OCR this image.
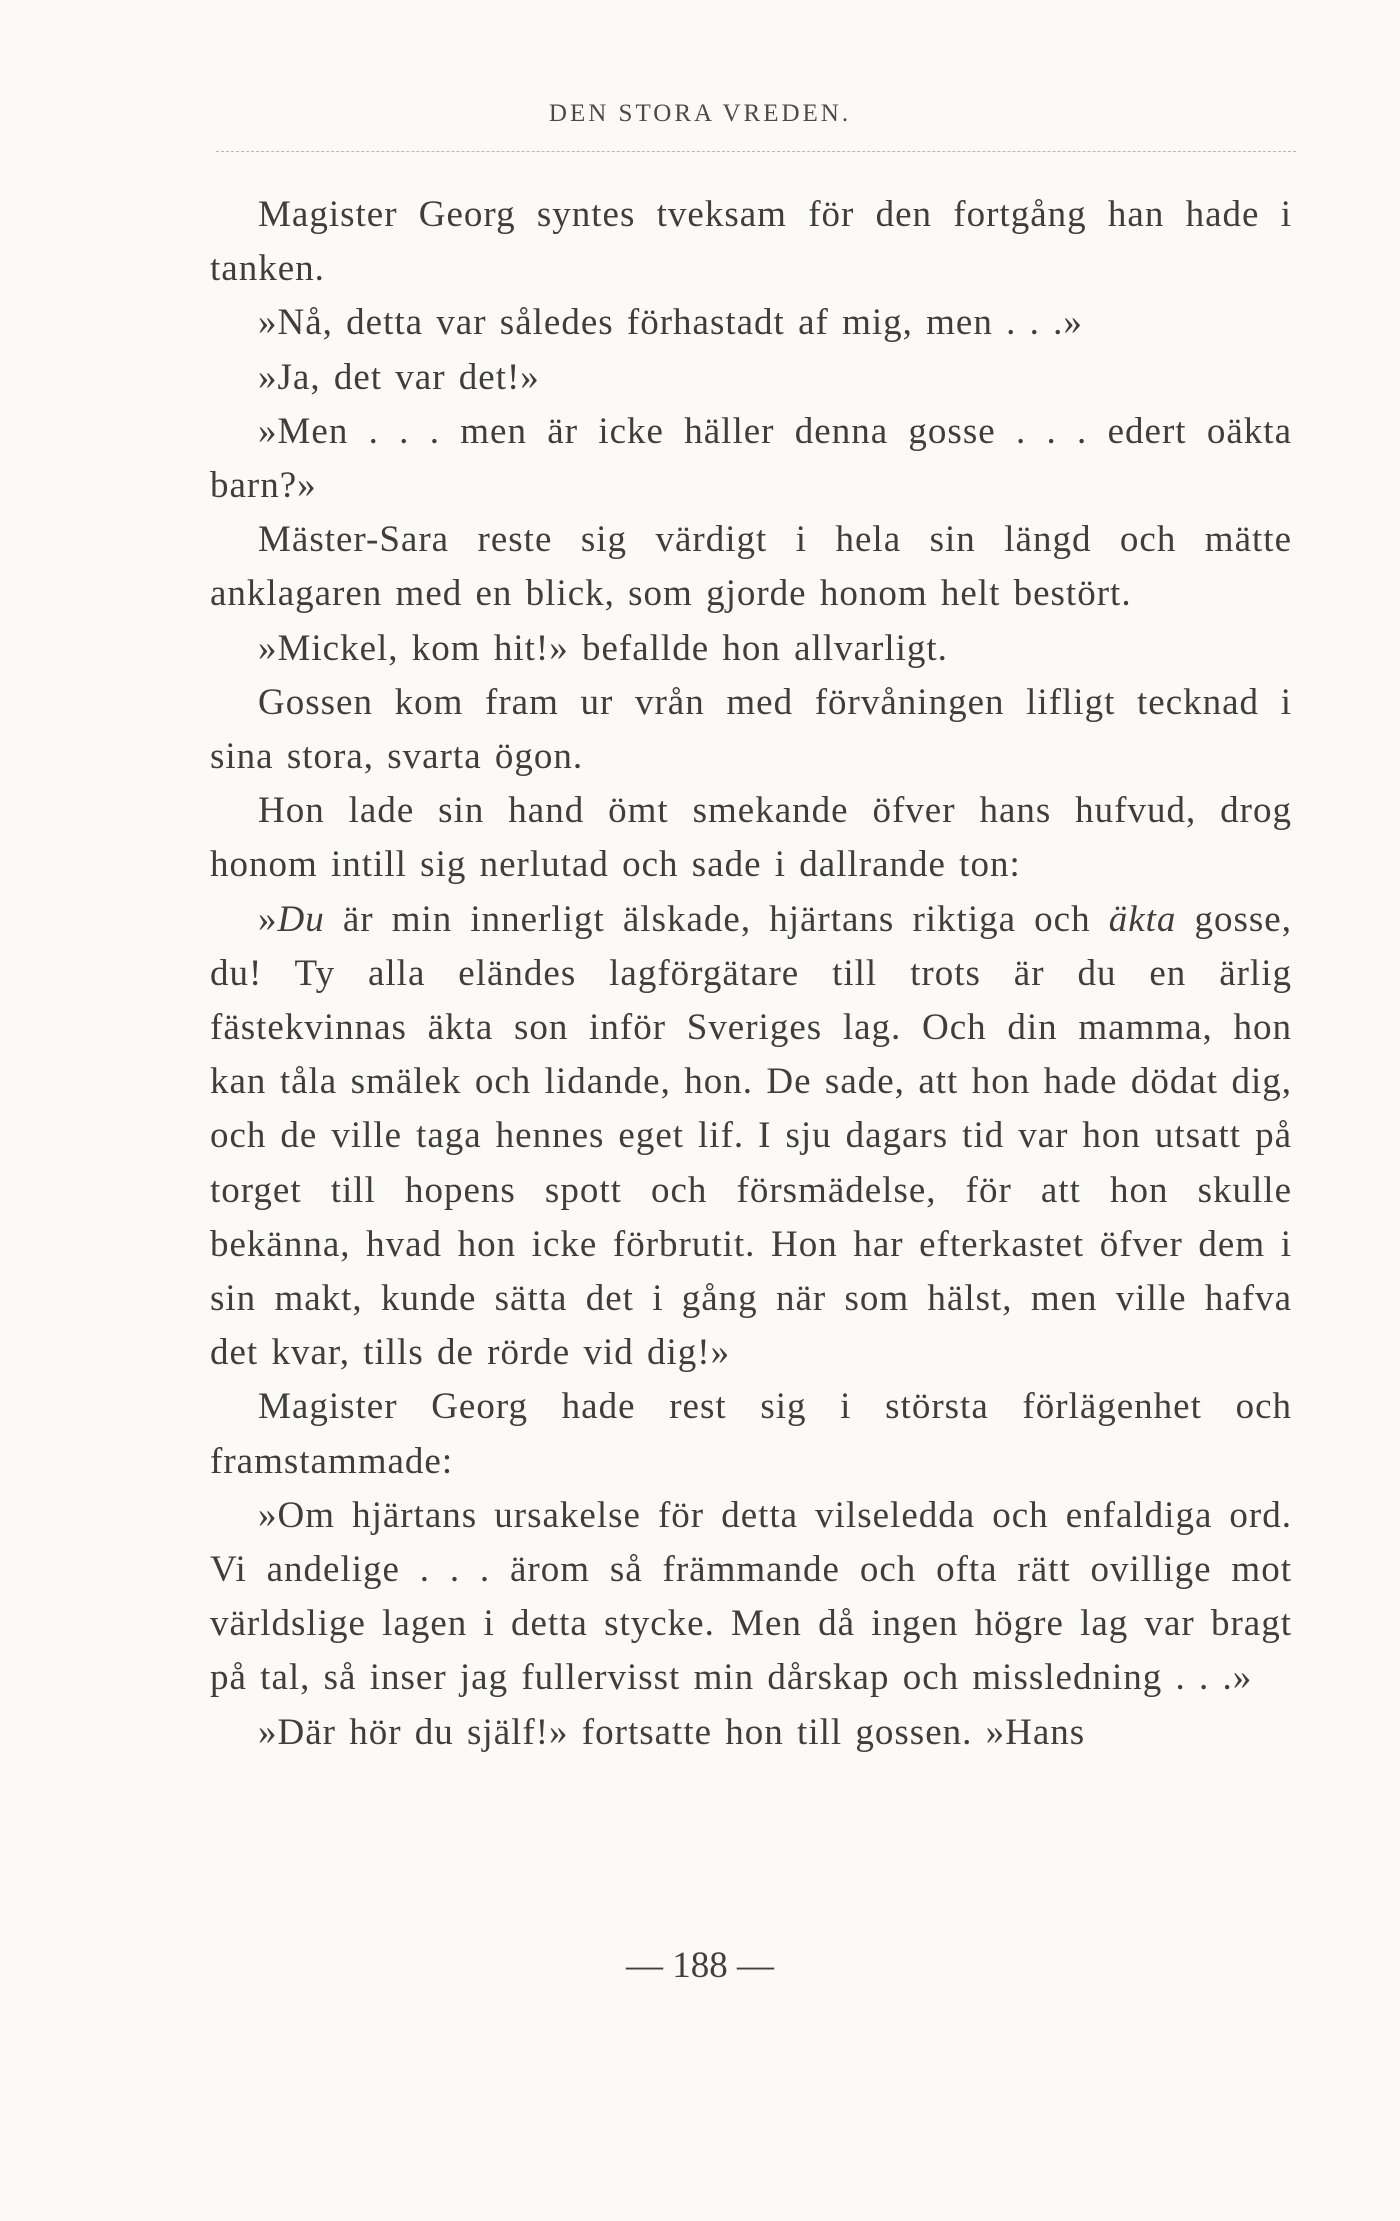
DEN STORA VREDEN.

Magister Georg syntes tveksam för den fortgång han hade i tanken.

»Nå, detta var således förhastadt af mig, men . . .»

»Ja, det var det!»

»Men . . . men är icke häller denna gosse . . . edert oäkta barn?»

Mäster-Sara reste sig värdigt i hela sin längd och mätte anklagaren med en blick, som gjorde honom helt bestört.

»Mickel, kom hit!» befallde hon allvarligt.

Gossen kom fram ur vrån med förvåningen lifligt tecknad i sina stora, svarta ögon.

Hon lade sin hand ömt smekande öfver hans hufvud, drog honom intill sig nerlutad och sade i dallrande ton:

»Du är min innerligt älskade, hjärtans riktiga och äkta gosse, du! Ty alla eländes lagförgätare till trots är du en ärlig fästekvinnas äkta son inför Sveriges lag. Och din mamma, hon kan tåla smälek och lidande, hon. De sade, att hon hade dödat dig, och de ville taga hennes eget lif. I sju dagars tid var hon utsatt på torget till hopens spott och försmädelse, för att hon skulle bekänna, hvad hon icke förbrutit. Hon har efterkastet öfver dem i sin makt, kunde sätta det i gång när som hälst, men ville hafva det kvar, tills de rörde vid dig!»

Magister Georg hade rest sig i största förlägenhet och framstammade:

»Om hjärtans ursakelse för detta vilseledda och enfaldiga ord. Vi andelige . . . ärom så främmande och ofta rätt ovillige mot världslige lagen i detta stycke. Men då ingen högre lag var bragt på tal, så inser jag fullervisst min dårskap och missledning . . .»

»Där hör du själf!» fortsatte hon till gossen. »Hans

— 188 —
